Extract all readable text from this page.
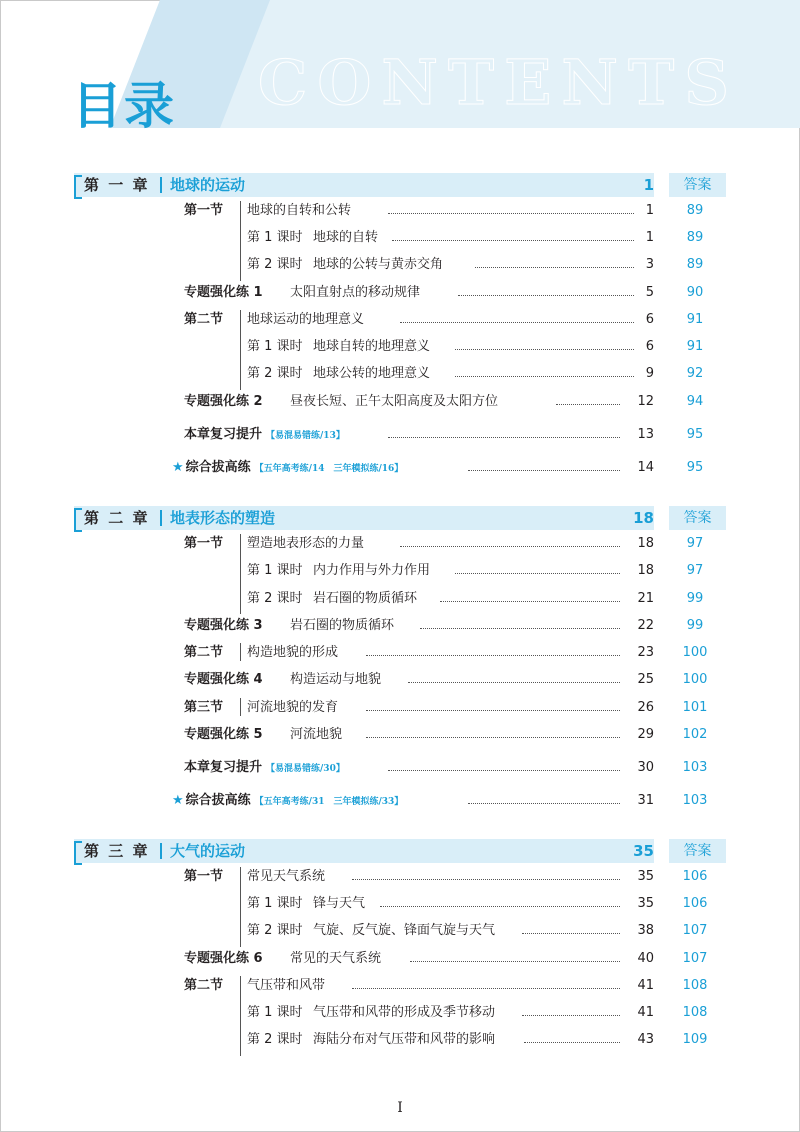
CONTENTS
目录
第 一 章	地球的运动	1	答案
第一节 地球的自转和公转	1	89
第 1 课时 地球的自转	1	89
第 2 课时 地球的公转与黄赤交角	3	89
专题强化练 1 太阳直射点的移动规律	5	90
第二节 地球运动的地理意义	6	91
第 1 课时 地球自转的地理意义	6	91
第 2 课时 地球公转的地理意义	9	92
专题强化练 2 昼夜长短、正午太阳高度及太阳方位	12	94
本章复习提升 【易混易错练/13】	13	95
★ 综合拔高练 【五年高考练/14　三年模拟练/16】	14	95
第 二 章	地表形态的塑造	18	答案
第一节 塑造地表形态的力量	18	97
第 1 课时 内力作用与外力作用	18	97
第 2 课时 岩石圈的物质循环	21	99
专题强化练 3 岩石圈的物质循环	22	99
第二节 构造地貌的形成	23	100
专题强化练 4 构造运动与地貌	25	100
第三节 河流地貌的发育	26	101
专题强化练 5 河流地貌	29	102
本章复习提升 【易混易错练/30】	30	103
★ 综合拔高练 【五年高考练/31　三年模拟练/33】	31	103
第 三 章	大气的运动	35	答案
第一节 常见天气系统	35	106
第 1 课时 锋与天气	35	106
第 2 课时 气旋、反气旋、锋面气旋与天气	38	107
专题强化练 6 常见的天气系统	40	107
第二节 气压带和风带	41	108
第 1 课时 气压带和风带的形成及季节移动	41	108
第 2 课时 海陆分布对气压带和风带的影响	43	109
I
